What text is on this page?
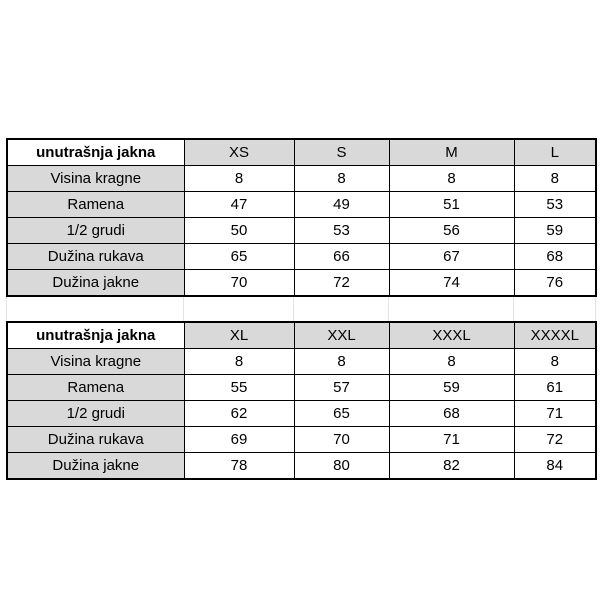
unutrašnja jakna	XS	S	M	L
Visina kragne	8	8	8	8
Ramena	47	49	51	53
1/2 grudi	50	53	56	59
Dužina rukava	65	66	67	68
Dužina jakne	70	72	74	76

unutrašnja jakna	XL	XXL	XXXL	XXXXL
Visina kragne	8	8	8	8
Ramena	55	57	59	61
1/2 grudi	62	65	68	71
Dužina rukava	69	70	71	72
Dužina jakne	78	80	82	84
